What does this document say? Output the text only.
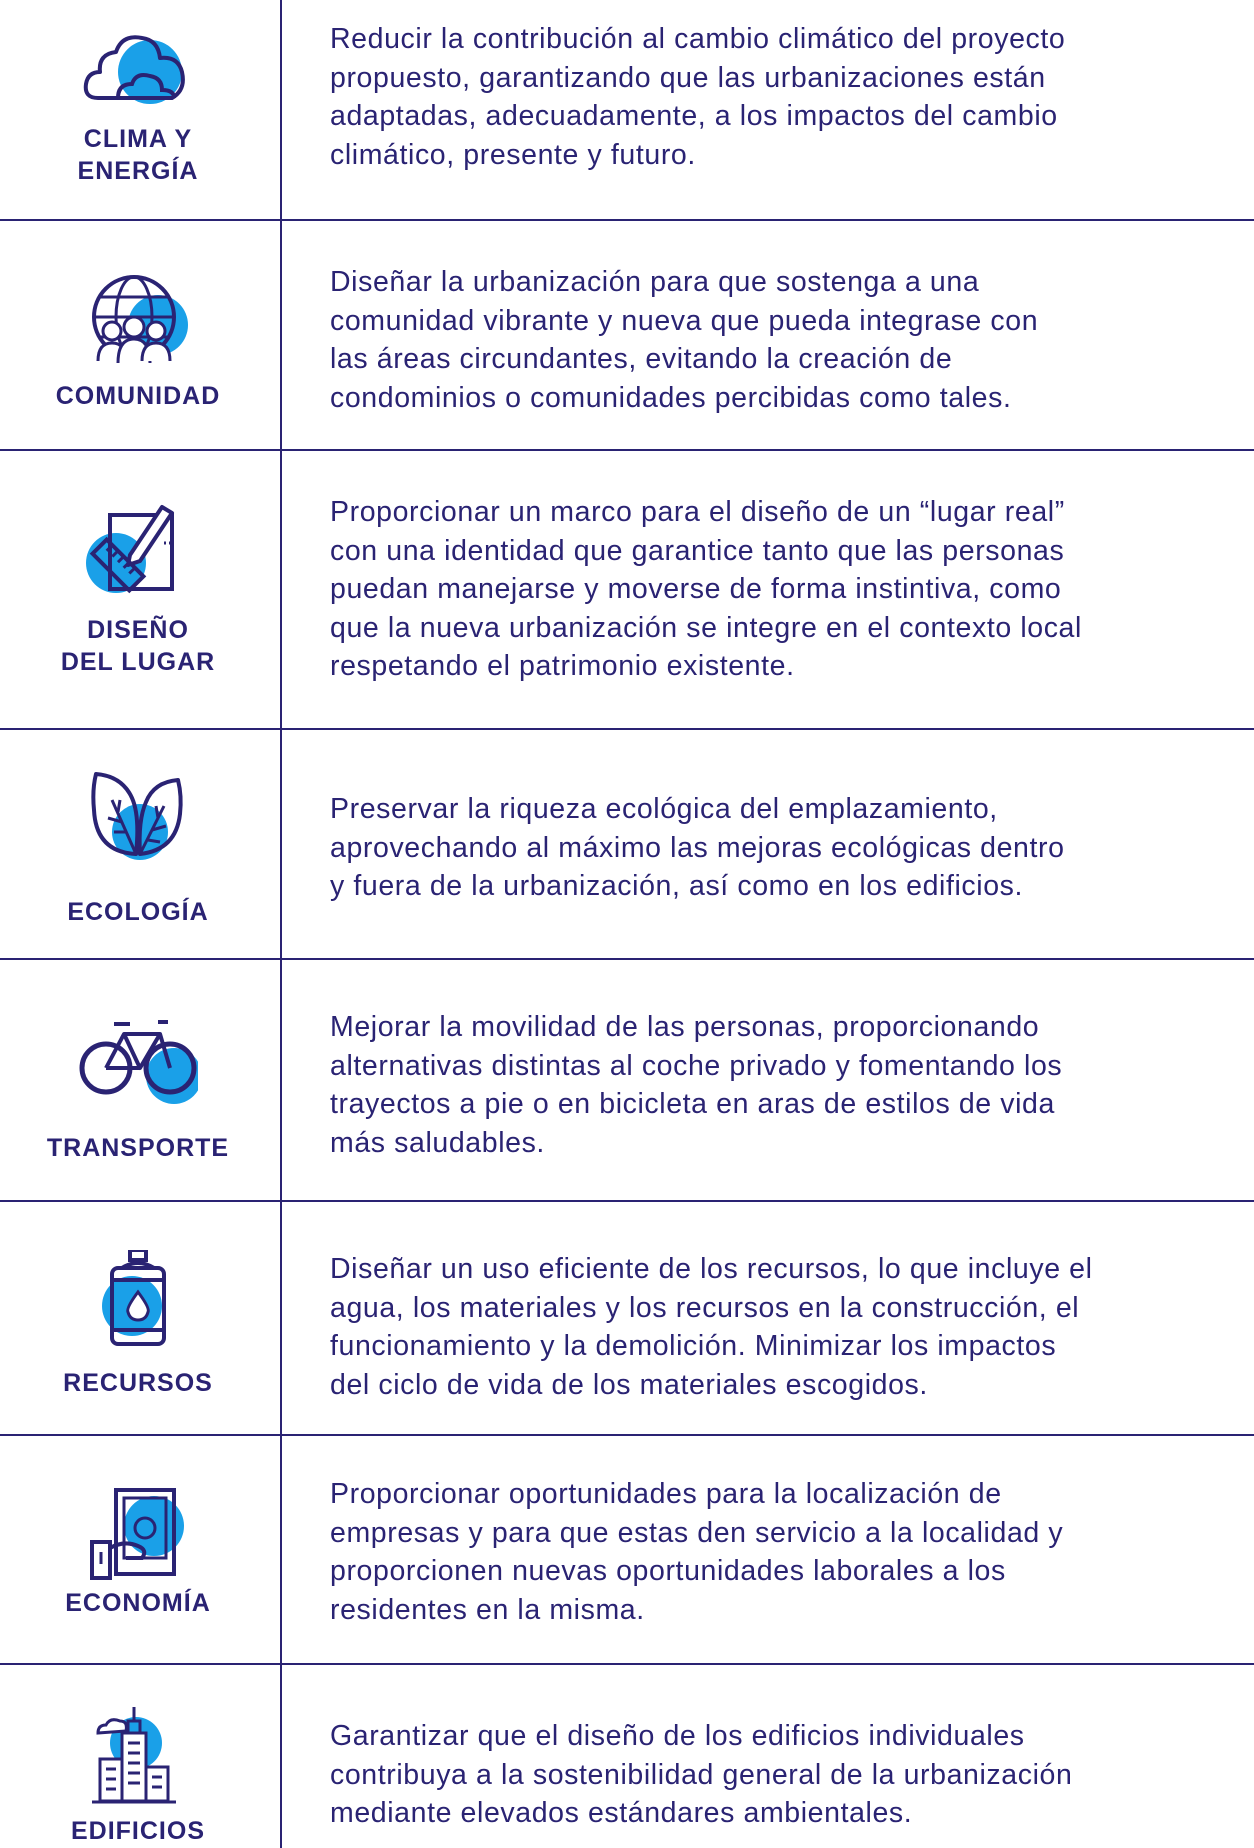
CLIMA Y
ENERGÍA
Reducir la contribución al cambio climático del proyecto
propuesto, garantizando que las urbanizaciones están
adaptadas, adecuadamente, a los impactos del cambio
climático, presente y futuro.
COMUNIDAD
Diseñar la urbanización para que sostenga a una
comunidad vibrante y nueva que pueda integrase con
las áreas circundantes, evitando la creación de
condominios o comunidades percibidas como tales.
DISEÑO
DEL LUGAR
Proporcionar un marco para el diseño de un “lugar real”
con una identidad que garantice tanto que las personas
puedan manejarse y moverse de forma instintiva, como
que la nueva urbanización se integre en el contexto local
respetando el patrimonio existente.
ECOLOGÍA
Preservar la riqueza ecológica del emplazamiento,
aprovechando al máximo las mejoras ecológicas dentro
y fuera de la urbanización, así como en los edificios.
TRANSPORTE
Mejorar la movilidad de las personas, proporcionando
alternativas distintas al coche privado y fomentando los
trayectos a pie o en bicicleta en aras de estilos de vida
más saludables.
RECURSOS
Diseñar un uso eficiente de los recursos, lo que incluye el
agua, los materiales y los recursos en la construcción, el
funcionamiento y la demolición. Minimizar los impactos
del ciclo de vida de los materiales escogidos.
ECONOMÍA
Proporcionar oportunidades para la localización de
empresas y para que estas den servicio a la localidad y
proporcionen nuevas oportunidades laborales a los
residentes en la misma.
EDIFICIOS
Garantizar que el diseño de los edificios individuales
contribuya a la sostenibilidad general de la urbanización
mediante elevados estándares ambientales.
